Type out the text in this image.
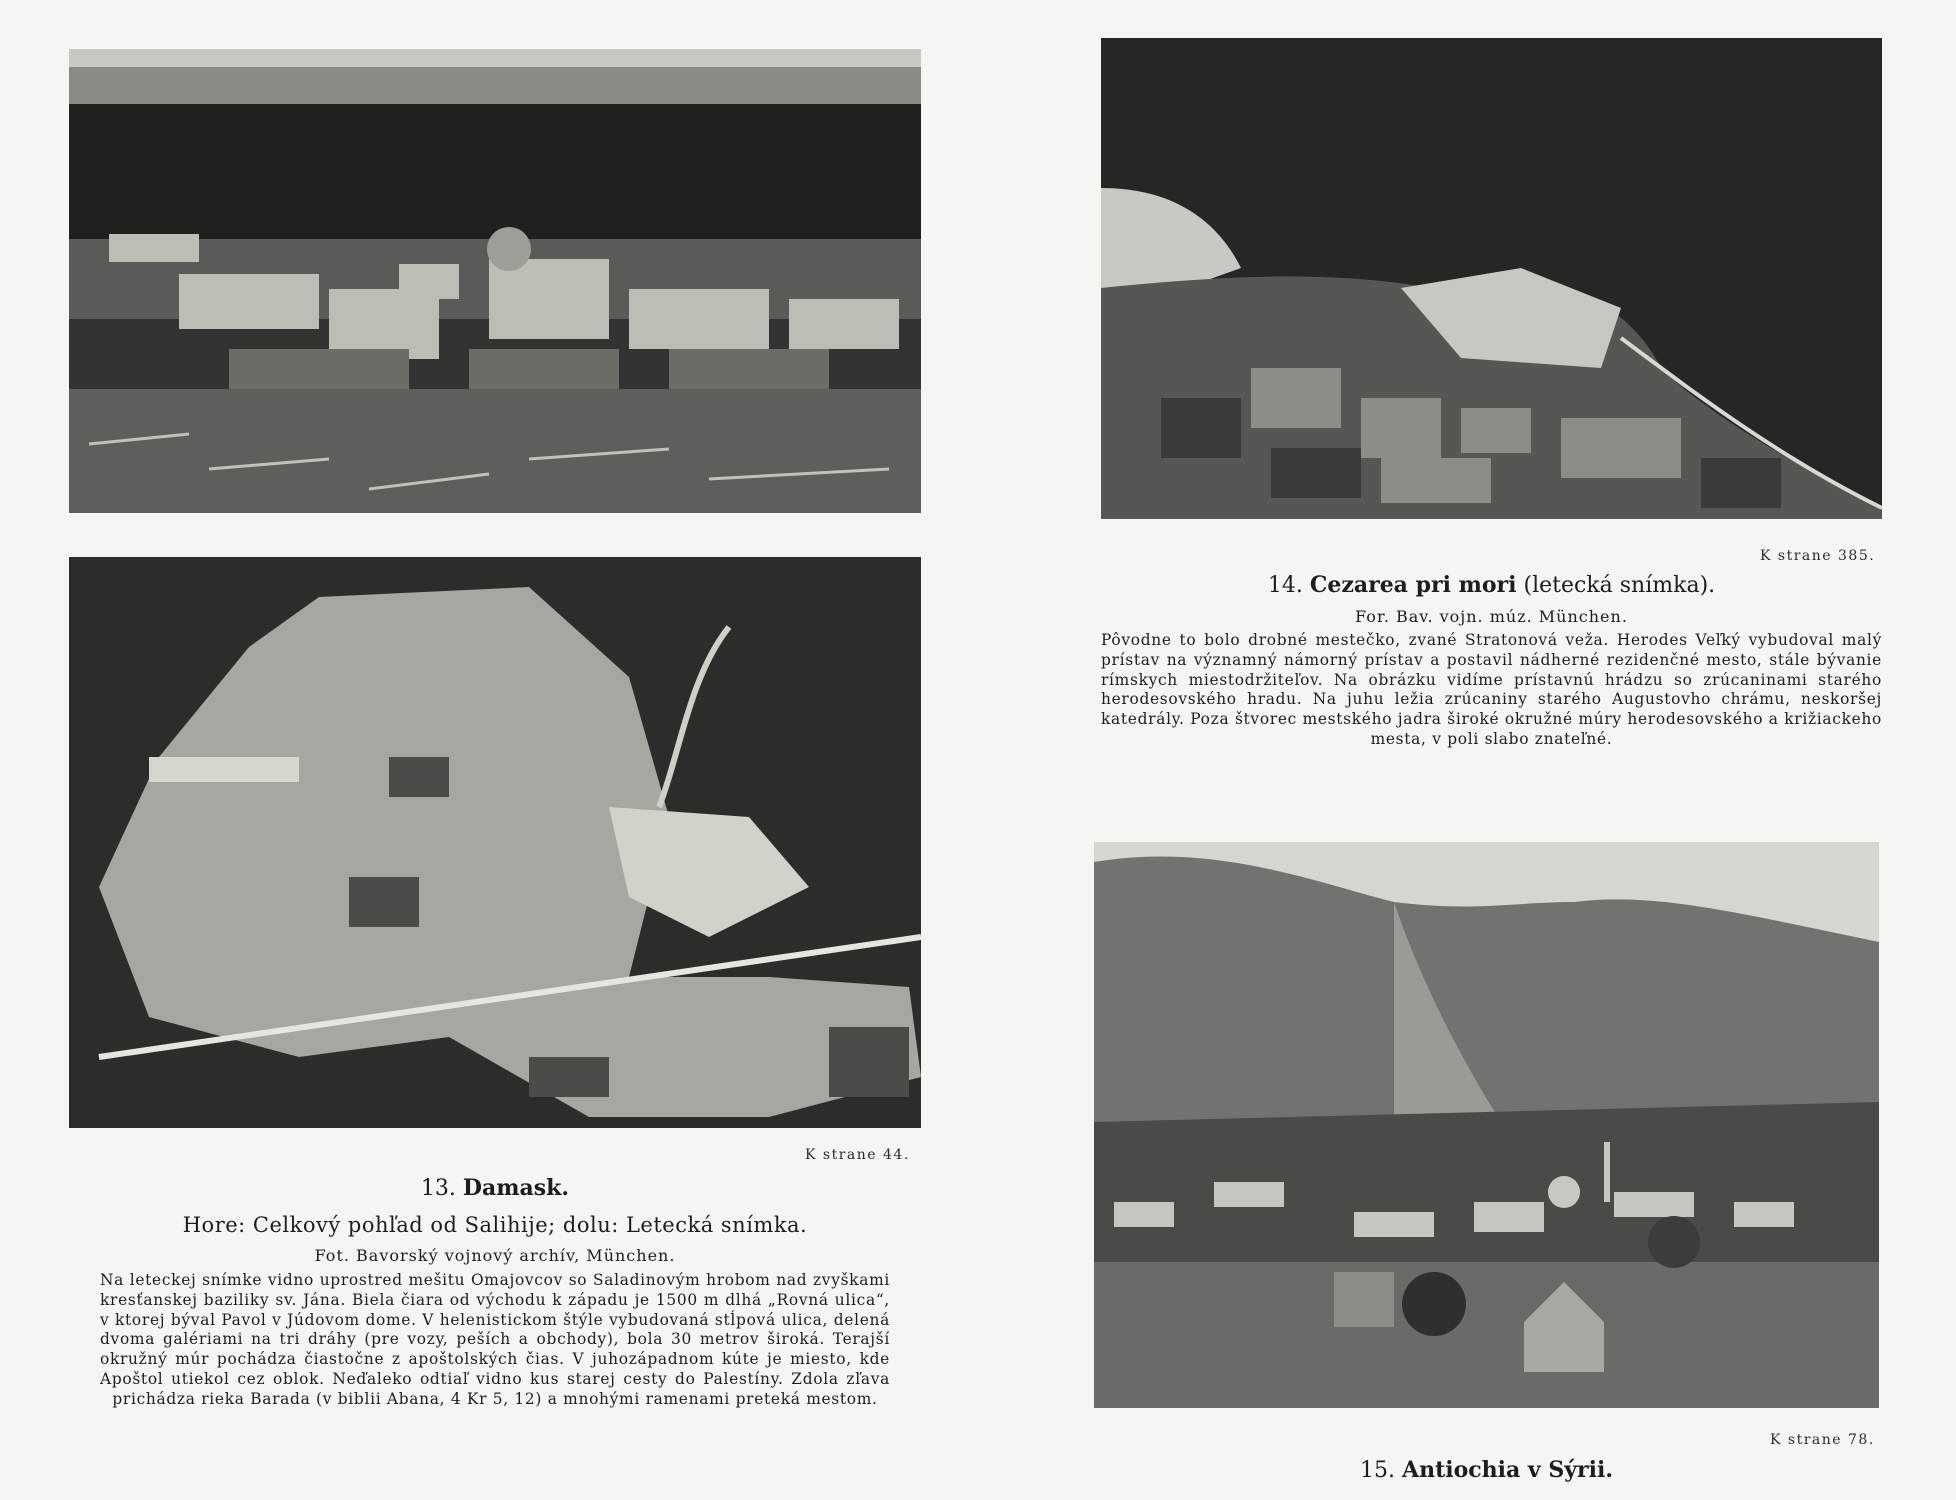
K strane 44.
13. Damask.
Hore: Celkový pohľad od Salihije; dolu: Letecká snímka.
Fot. Bavorský vojnový archív, München.
Na leteckej snímke vidno uprostred mešitu Omajovcov so Saladinovým hrobom nad zvyškami kresťanskej baziliky sv. Jána. Biela čiara od východu k západu je 1500 m dlhá „Rovná ulica“, v ktorej býval Pavol v Júdovom dome. V helenistickom štýle vybudovaná stĺpová ulica, delená dvoma galériami na tri dráhy (pre vozy, peších a obchody), bola 30 metrov široká. Terajší okružný múr pochádza čiastočne z apoštolských čias. V juhozápadnom kúte je miesto, kde Apoštol utiekol cez oblok. Neďaleko odtiaľ vidno kus starej cesty do Palestíny. Zdola zľava prichádza rieka Barada (v biblii Abana, 4 Kr 5, 12) a mnohými ramenami preteká mestom.
K strane 385.
14. Cezarea pri mori (letecká snímka).
For. Bav. vojn. múz. München.
Pôvodne to bolo drobné mestečko, zvané Stratonová veža. Herodes Veľký vybudoval malý prístav na významný námorný prístav a postavil nádherné rezidenčné mesto, stále bývanie rímskych miestodržiteľov. Na obrázku vidíme prístavnú hrádzu so zrúcaninami starého herodesovského hradu. Na juhu ležia zrúcaniny starého Augustovho chrámu, neskoršej katedrály. Poza štvorec mestského jadra široké okružné múry herodesovského a križiackeho mesta, v poli slabo znateľné.
K strane 78.
15. Antiochia v Sýrii.
